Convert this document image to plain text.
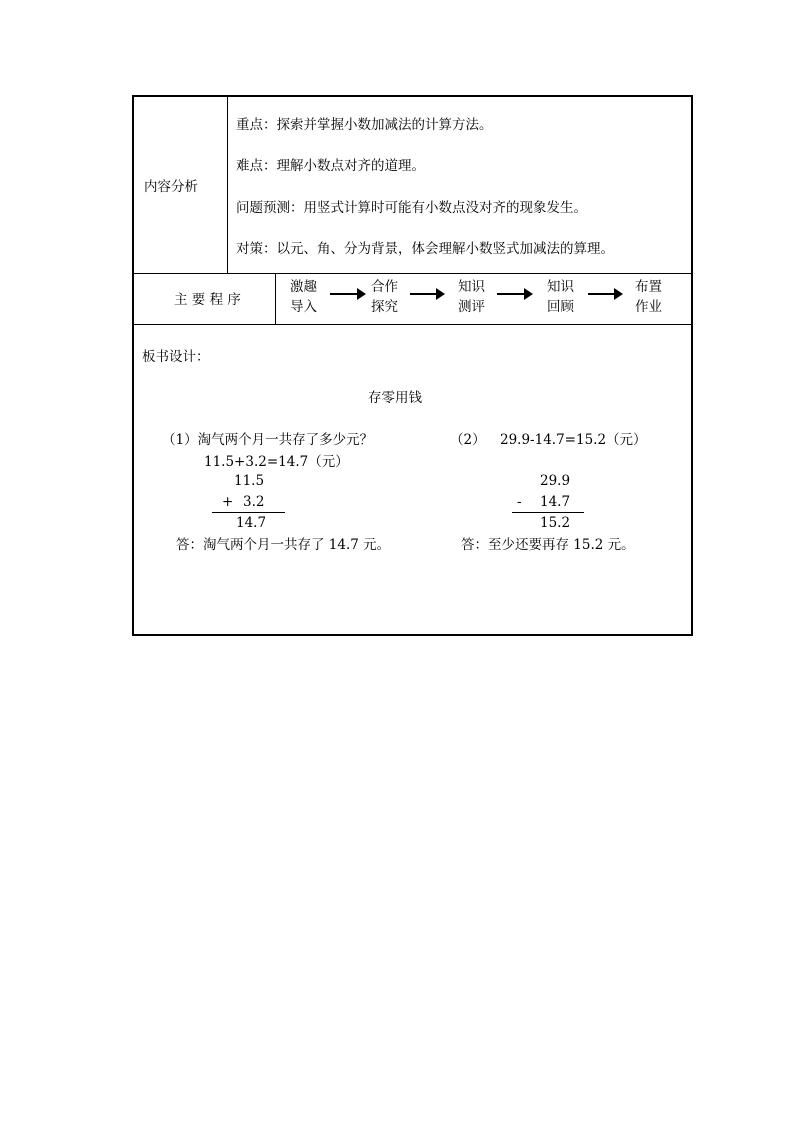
内容分析
重点：探索并掌握小数加减法的计算方法。
难点：理解小数点对齐的道理。
问题预测：用竖式计算时可能有小数点没对齐的现象发生。
对策：以元、角、分为背景，体会理解小数竖式加减法的算理。
主 要 程 序
激趣
导入
合作
探究
知识
测评
知识
回顾
布置
作业
板书设计：
存零用钱
（1）淘气两个月一共存了多少元？
11.5+3.2=14.7（元）
11.5
+ 3.2
14.7
答：淘气两个月一共存了 14.7 元。
（2） 29.9-14.7=15.2（元）
29.9
- 14.7
15.2
答：至少还要再存 15.2 元。
